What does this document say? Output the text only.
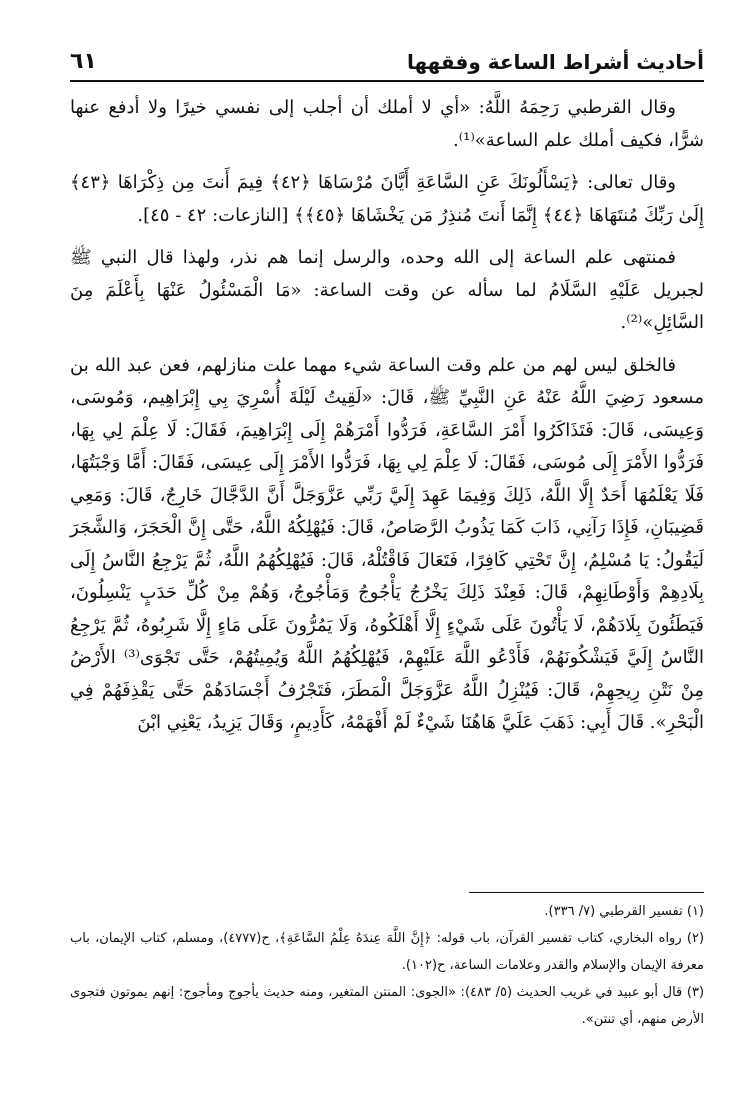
أحاديث أشراط الساعة وفقهها
٦١

وقال القرطبي رَحِمَهُ اللَّهُ: «أي لا أملك أن أجلب إلى نفسي خيرًا ولا أدفع عنها شرًّا، فكيف أملك علم الساعة»⁽¹⁾.

وقال تعالى: ﴿يَسْأَلُونَكَ عَنِ السَّاعَةِ أَيَّانَ مُرْسَاهَا ﴿٤٢﴾ فِيمَ أَنتَ مِن ذِكْرَاهَا ﴿٤٣﴾ إِلَىٰ رَبِّكَ مُنتَهَاهَا ﴿٤٤﴾ إِنَّمَا أَنتَ مُنذِرُ مَن يَخْشَاهَا ﴿٤٥﴾﴾ [النازعات: ٤٢ - ٤٥].

فمنتهى علم الساعة إلى الله وحده، والرسل إنما هم نذر، ولهذا قال النبي ﷺ لجبريل عَلَيْهِ السَّلَامُ لما سأله عن وقت الساعة: «مَا الْمَسْئُولُ عَنْهَا بِأَعْلَمَ مِنَ السَّائِلِ»⁽²⁾.

فالخلق ليس لهم من علم وقت الساعة شيء مهما علت منازلهم، فعن عبد الله بن مسعود رَضِيَ اللَّهُ عَنْهُ عَنِ النَّبِيِّ ﷺ، قَالَ: «لَقِيتُ لَيْلَةَ أُسْرِيَ بِي إِبْرَاهِيم، وَمُوسَى، وَعِيسَى، قَالَ: فَتَذَاكَرُوا أَمْرَ السَّاعَةِ، فَرَدُّوا أَمْرَهُمْ إِلَى إِبْرَاهِيمَ، فَقَالَ: لَا عِلْمَ لِي بِهَا، فَرَدُّوا الأَمْرَ إِلَى مُوسَى، فَقَالَ: لَا عِلْمَ لِي بِهَا، فَرَدُّوا الأَمْرَ إِلَى عِيسَى، فَقَالَ: أَمَّا وَجْبَتُهَا، فَلَا يَعْلَمُهَا أَحَدٌ إِلَّا اللَّهُ، ذَلِكَ وَفِيمَا عَهِدَ إِلَيَّ رَبِّي عَزَّوَجَلَّ أَنَّ الدَّجَّالَ خَارِجٌ، قَالَ: وَمَعِي قَضِيبَانِ، فَإِذَا رَآنِي، ذَابَ كَمَا يَذُوبُ الرَّصَاصُ، قَالَ: فَيُهْلِكُهُ اللَّهُ، حَتَّى إِنَّ الْحَجَرَ، وَالشَّجَرَ لَيَقُولُ: يَا مُسْلِمُ، إِنَّ تَحْتِي كَافِرًا، فَتَعَالَ فَاقْتُلْهُ، قَالَ: فَيُهْلِكُهُمُ اللَّهُ، ثُمَّ يَرْجِعُ النَّاسُ إِلَى بِلَادِهِمْ وَأَوْطَانِهِمْ، قَالَ: فَعِنْدَ ذَلِكَ يَخْرُجُ يَأْجُوجُ وَمَأْجُوجُ، وَهُمْ مِنْ كُلِّ حَدَبٍ يَنْسِلُونَ، فَيَطَئُونَ بِلَادَهُمْ، لَا يَأْتُونَ عَلَى شَيْءٍ إِلَّا أَهْلَكُوهُ، وَلَا يَمُرُّونَ عَلَى مَاءٍ إِلَّا شَرِبُوهُ، ثُمَّ يَرْجِعُ النَّاسُ إِلَيَّ فَيَشْكُونَهُمْ، فَأَدْعُو اللَّهَ عَلَيْهِمْ، فَيُهْلِكُهُمُ اللَّهُ وَيُمِيتُهُمْ، حَتَّى تَجْوَى⁽³⁾ الأَرْضُ مِنْ نَتْنِ رِيحِهِمْ، قَالَ: فَيُنْزِلُ اللَّهُ عَزَّوَجَلَّ الْمَطَرَ، فَتَجْرُفُ أَجْسَادَهُمْ حَتَّى يَقْذِفَهُمْ فِي الْبَحْرِ». قَالَ أَبِي: ذَهَبَ عَلَيَّ هَاهُنَا شَيْءٌ لَمْ أَفْهَمْهُ، كَأَدِيمٍ، وَقَالَ يَزِيدُ، يَعْنِي ابْنَ

(١) تفسير القرطبي (٧/ ٣٣٦).

(٢) رواه البخاري، كتاب تفسير القرآن، باب قوله: ﴿إِنَّ اللَّهَ عِندَهُ عِلْمُ السَّاعَةِ﴾، ح(٤٧٧٧)، ومسلم، كتاب الإيمان، باب معرفة الإيمان والإسلام والقدر وعلامات الساعة، ح(١٠٢).

(٣) قال أبو عبيد في غريب الحديث (٥/ ٤٨٣): «الجوى: المنتن المتغير، ومنه حديث يأجوج ومأجوج: إنهم يموتون فتجوى الأرض منهم، أي تنتن».
